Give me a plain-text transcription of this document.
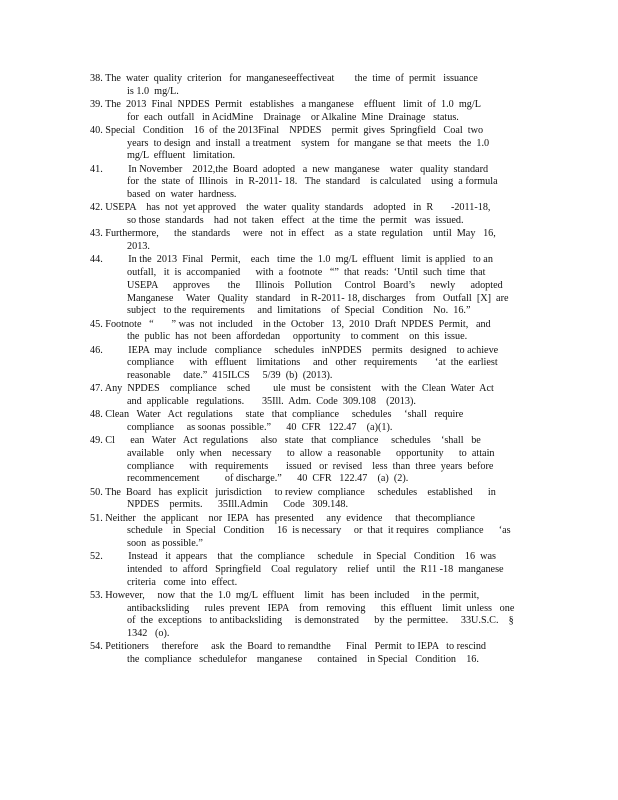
38. The  water  quality  criterion   for  manganeseeffectiveat        the  time  of  permit   issuance
is 1.0  mg/L.
39. The  2013  Final  NPDES  Permit   establishes   a manganese    effluent   limit  of  1.0  mg/L
for  each  outfall   in AcidMine    Drainage    or Alkaline  Mine  Drainage   status.
40. Special   Condition    16  of  the 2013Final    NPDES    permit  gives  Springfield   Coal  two
years  to design  and  install  a treatment    system   for  mangane  se that  meets   the  1.0
mg/L  effluent   limitation.
41.          In November    2012,the  Board  adopted   a  new  manganese    water   quality  standard
for  the  state  of  Illinois   in  R-2011- 18.   The  standard    is calculated    using  a formula
based  on  water  hardness.
42. USEPA    has  not  yet approved    the  water  quality  standards    adopted   in  R       -2011-18,
so those  standards    had  not  taken   effect   at the  time  the  permit   was  issued.
43. Furthermore,      the  standards     were   not  in  effect    as  a  state  regulation    until  May   16,
2013.
44.          In the  2013  Final   Permit,    each   time  the  1.0  mg/L  effluent   limit  is applied   to an
outfall,   it  is  accompanied      with  a  footnote   “”  that  reads:  ‘Until  such  time  that
USEPA      approves       the      Illinois    Pollution     Control   Board’s      newly      adopted
Manganese     Water   Quality   standard    in R-2011- 18, discharges    from   Outfall  [X]  are
subject   to the  requirements     and  limitations    of  Special   Condition    No.  16.”
45. Footnote   “       ” was  not  included    in the  October   13,  2010  Draft  NPDES  Permit,   and
the  public  has  not  been  affordedan     opportunity    to comment    on  this  issue.
46.          IEPA  may  include   compliance     schedules   inNPDES    permits   designed    to achieve
compliance      with   effluent    limitations     and   other   requirements       ‘at  the  earliest
reasonable     date.”  415ILCS     5/39  (b)  (2013).
47. Any  NPDES    compliance    sched         ule  must  be  consistent    with  the  Clean  Water  Act
and  applicable   regulations.       35Ill.  Adm.  Code  309.108    (2013).
48. Clean   Water   Act  regulations     state   that  compliance     schedules     ‘shall   require
compliance     as soonas  possible.”      40  CFR   122.47    (a)(1).
49. Cl      ean   Water   Act  regulations     also   state   that  compliance     schedules    ‘shall   be
available     only  when    necessary      to  allow  a  reasonable      opportunity      to  attain
compliance      with   requirements       issued   or  revised    less  than  three  years  before
recommencement          of discharge.”      40  CFR   122.47    (a)  (2).
50. The  Board   has  explicit   jurisdiction     to review  compliance     schedules    established      in
NPDES    permits.      35Ill.Admin      Code   309.148.
51. Neither   the  applicant    nor  IEPA   has  presented     any  evidence     that  thecompliance
schedule    in  Special   Condition     16  is necessary     or  that  it requires   compliance      ‘as
soon  as possible.”
52.          Instead   it  appears    that   the  compliance     schedule    in  Special   Condition    16  was
intended   to  afford   Springfield    Coal  regulatory    relief   until   the  R11 -18  manganese
criteria   come  into  effect.
53. However,     now  that  the  1.0  mg/L  effluent    limit   has  been  included     in the  permit,
antibacksliding      rules  prevent   IEPA    from   removing      this  effluent    limit  unless   one
of  the  exceptions   to antibacksliding     is demonstrated      by  the  permittee.     33U.S.C.    §
1342   (o).
54. Petitioners     therefore     ask  the  Board  to remandthe      Final   Permit  to IEPA   to rescind
the  compliance   schedulefor    manganese      contained    in Special   Condition    16.
